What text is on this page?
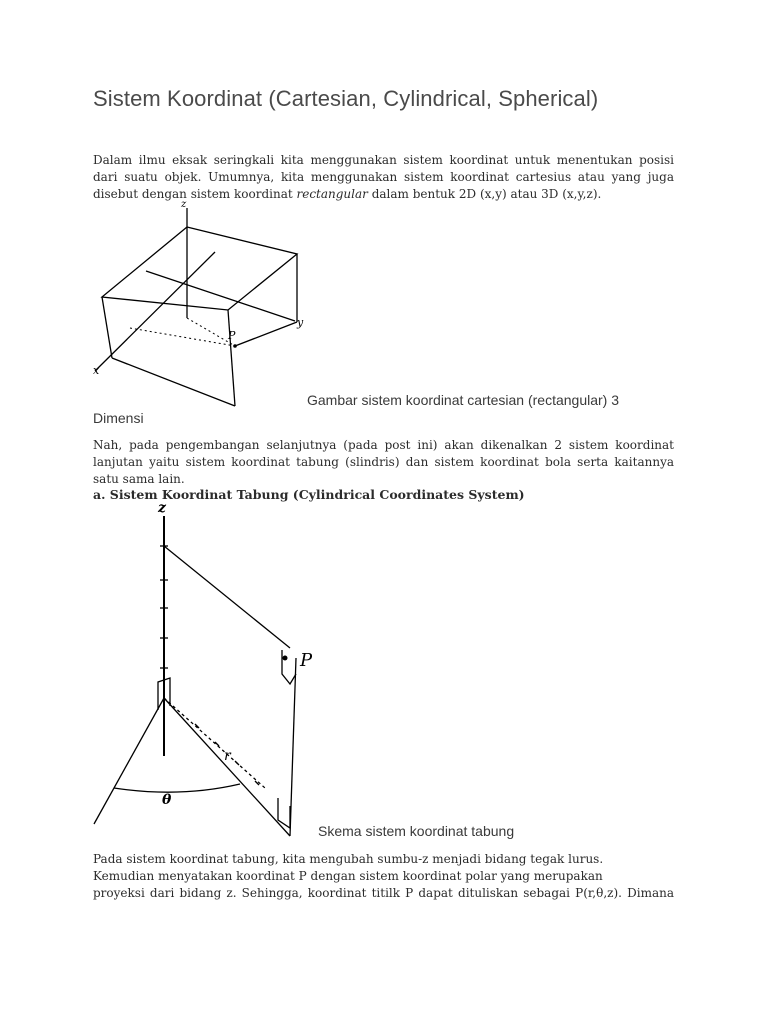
Sistem Koordinat (Cartesian, Cylindrical, Spherical)

Dalam ilmu eksak seringkali kita menggunakan sistem koordinat untuk menentukan posisi
dari suatu objek. Umumnya, kita menggunakan sistem koordinat cartesius atau yang juga
disebut dengan sistem koordinat rectangular dalam bentuk 2D (x,y) atau 3D (x,y,z).

z
y
x
P

Gambar sistem koordinat cartesian (rectangular) 3

Dimensi

Nah, pada pengembangan selanjutnya (pada post ini) akan dikenalkan 2 sistem koordinat
lanjutan yaitu sistem koordinat tabung (slindris) dan sistem koordinat bola serta kaitannya
satu sama lain.

a. Sistem Koordinat Tabung (Cylindrical Coordinates System)
z
P
r
θ

Skema sistem koordinat tabung

Pada sistem koordinat tabung, kita mengubah sumbu-z menjadi bidang tegak lurus.
Kemudian menyatakan koordinat P dengan sistem koordinat polar yang merupakan
proyeksi dari bidang z. Sehingga, koordinat titilk P dapat dituliskan sebagai P(r,θ,z). Dimana
